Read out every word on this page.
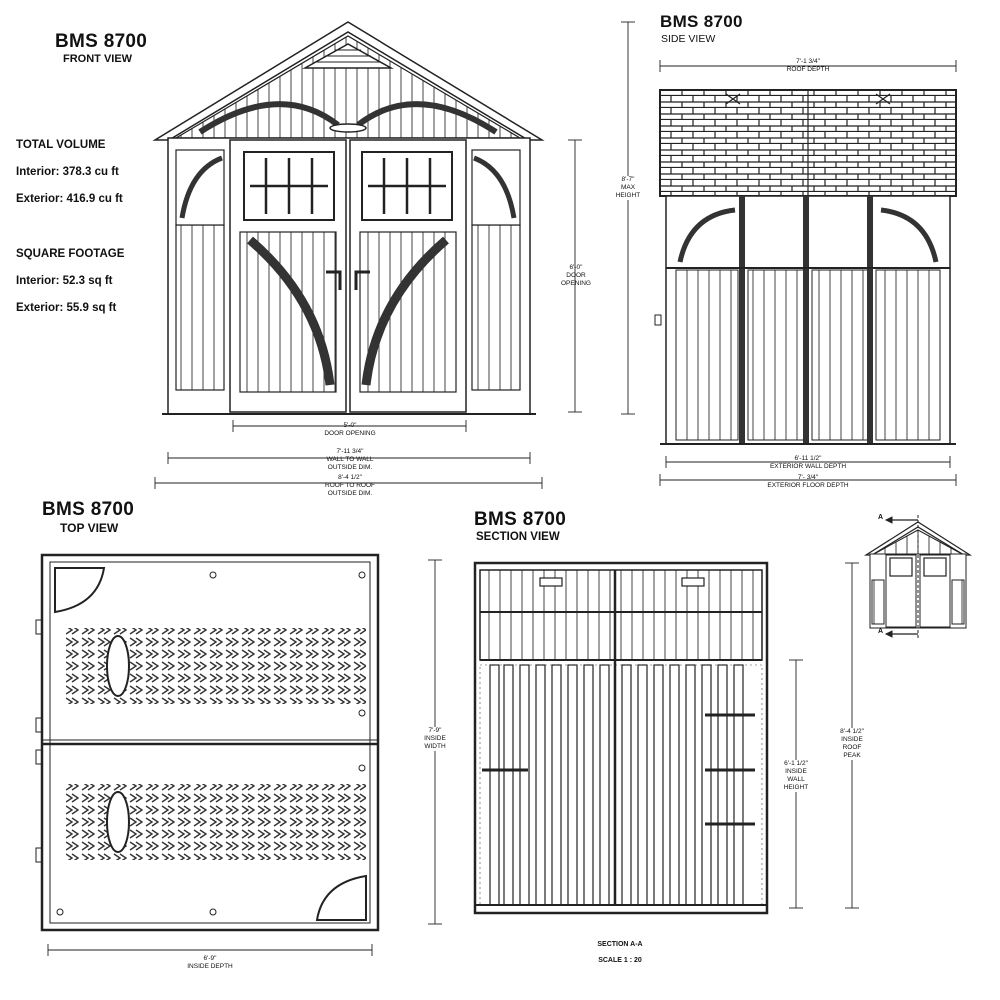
BMS 8700
FRONT VIEW
TOTAL VOLUME
Interior: 378.3 cu ft
Exterior: 416.9 cu ft
SQUARE FOOTAGE
Interior: 52.3 sq ft
Exterior: 55.9 sq ft
6'-0"
DOOR
OPENING
8'-7"
MAX
HEIGHT
5'-0"
DOOR OPENING
7'-11 3/4"
WALL TO WALL
OUTSIDE DIM.
8'-4 1/2"
ROOF TO ROOF
OUTSIDE DIM.
BMS 8700
SIDE VIEW
7'-1 3/4"
ROOF DEPTH
6'-11 1/2"
EXTERIOR WALL DEPTH
7'- 3/4"
EXTERIOR FLOOR DEPTH
BMS 8700
TOP VIEW
7'-9"
INSIDE
WIDTH
6'-9"
INSIDE DEPTH
BMS 8700
SECTION VIEW
6'-1 1/2"
INSIDE
WALL
HEIGHT
8'-4 1/2"
INSIDE
ROOF
PEAK
SECTION A-A
SCALE 1 : 20
A
A
